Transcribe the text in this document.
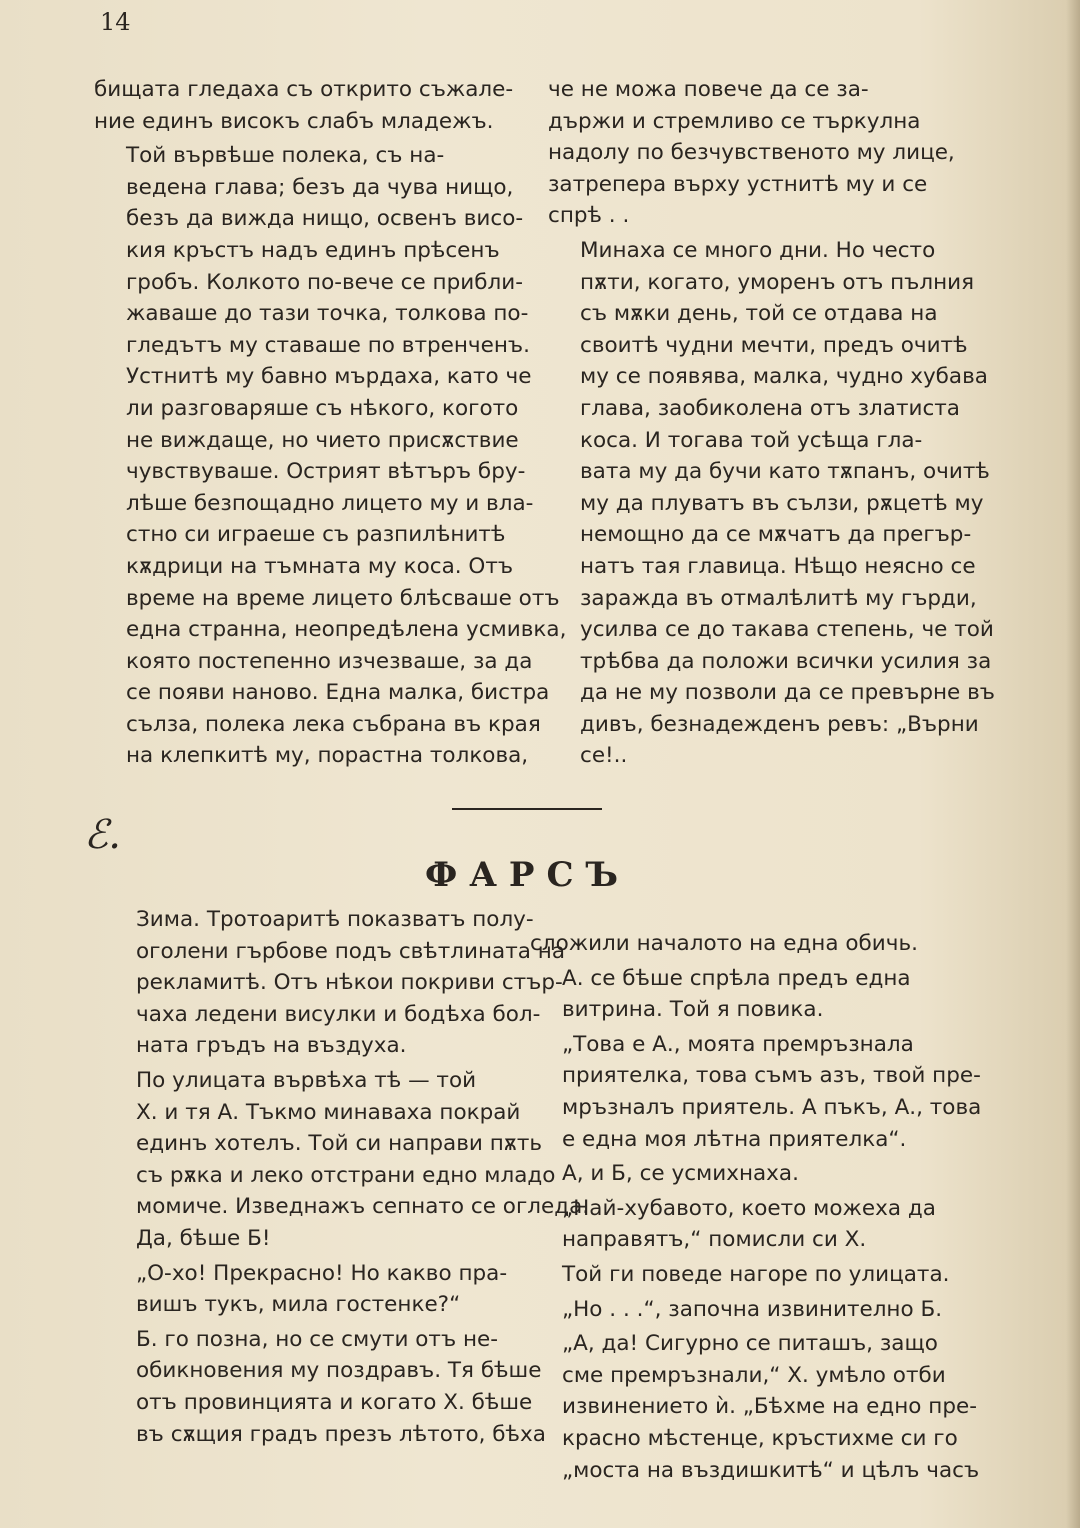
14

бищата гледаха съ открито съжале-
ние единъ високъ слабъ младежъ.

Той вървѣше полека, съ на-
ведена глава; безъ да чува нищо,
безъ да вижда нищо, освенъ висо-
кия кръстъ надъ единъ прѣсенъ
гробъ. Колкото по-вече се прибли-
жаваше до тази точка, толкова по-
гледътъ му ставаше по втренченъ.
Устнитѣ му бавно мърдаха, като че
ли разговаряше съ нѣкого, когото
не виждаще, но чието присѫствие
чувствуваше. Острият вѣтъръ бру-
лѣше безпощадно лицето му и вла-
стно си играеше съ разпилѣнитѣ
кѫдрици на тъмната му коса. Отъ
време на време лицето блѣсваше отъ
една странна, неопредѣлена усмивка,
която постепенно изчезваше, за да
се появи наново. Една малка, бистра
сълза, полека лека събрана въ края
на клепкитѣ му, порастна толкова,

че не можа повече да се за-
държи и стремливо се търкулна
надолу по безчувственото му лице,
затрепера върху устнитѣ му и се
спрѣ . .

Минаха се много дни. Но често
пѫти, когато, уморенъ отъ пълния
съ мѫки день, той се отдава на
своитѣ чудни мечти, предъ очитѣ
му се появява, малка, чудно хубава
глава, заобиколена отъ златиста
коса. И тогава той усѣща гла-
вата му да бучи като тѫпанъ, очитѣ
му да плуватъ въ сълзи, рѫцетѣ му
немощно да се мѫчатъ да прегър-
натъ тая главица. Нѣщо неясно се
заражда въ отмалѣлитѣ му гърди,
усилва се до такава степень, че той
трѣбва да положи всички усилия за
да не му позволи да се превърне въ
дивъ, безнадежденъ ревъ: „Върни
се!..

ℰ.
ФАРСЪ

Зима. Тротоаритѣ показватъ полу-
оголени гърбове подъ свѣтлината на
рекламитѣ. Отъ нѣкои покриви стър-
чаха ледени висулки и бодѣха бол-
ната гръдъ на въздуха.

По улицата вървѣха тѣ — той
Х. и тя А. Тъкмо минаваха покрай
единъ хотелъ. Той си направи пѫть
съ рѫка и леко отстрани едно младо
момиче. Изведнажъ сепнато се огледа.
Да, бѣше Б!

„О-хо! Прекрасно! Но какво пра-
вишъ тукъ, мила гостенке?“

Б. го позна, но се смути отъ не-
обикновения му поздравъ. Тя бѣше
отъ провинцията и когато Х. бѣше
въ сѫщия градъ презъ лѣтото, бѣха

сложили началото на една обичь.

А. се бѣше спрѣла предъ една
витрина. Той я повика.

„Това е А., моята премръзнала
приятелка, това съмъ азъ, твой пре-
мръзналъ приятель. А пъкъ, А., това
е една моя лѣтна приятелка“.

А, и Б, се усмихнаха.

„Най-хубавото, което можеха да
направятъ,“ помисли си Х.

Той ги поведе нагоре по улицата.

„Но . . .“, започна извинително Б.

„А, да! Сигурно се питашъ, защо
сме премръзнали,“ Х. умѣло отби
извинението ѝ. „Бѣхме на едно пре-
красно мѣстенце, кръстихме си го
„моста на въздишкитѣ“ и цѣлъ часъ
